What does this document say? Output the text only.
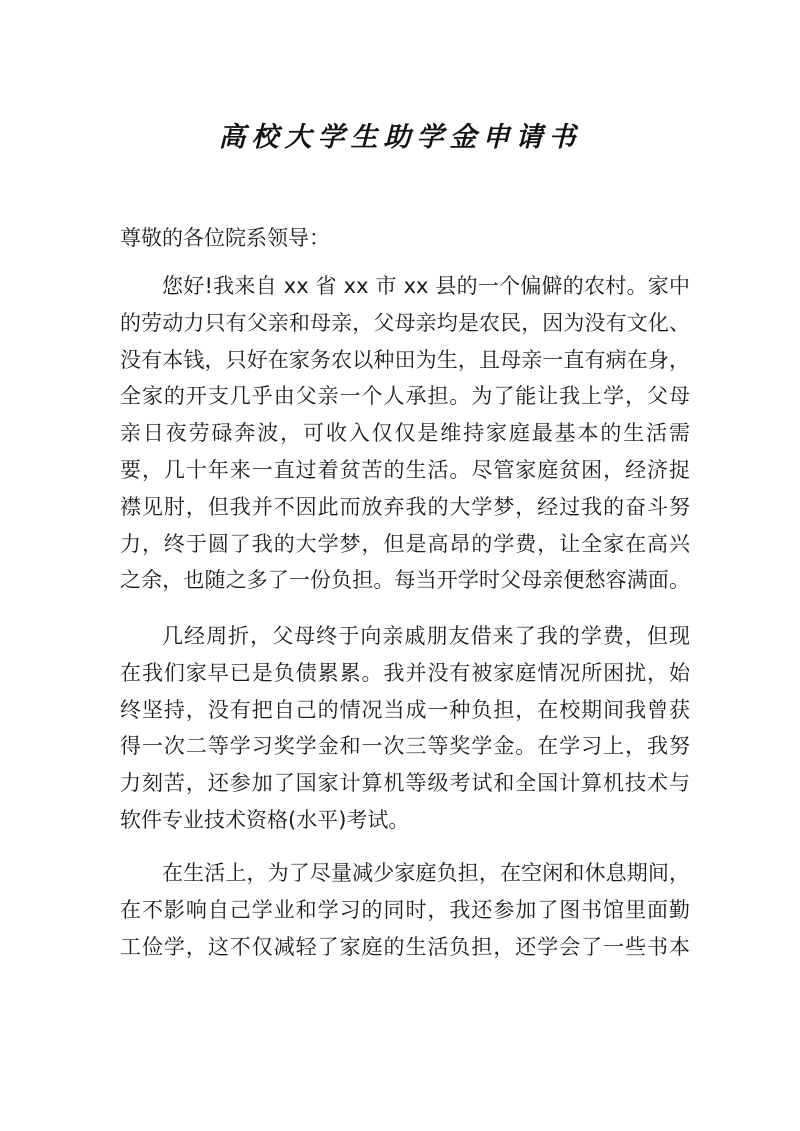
高校大学生助学金申请书
尊敬的各位院系领导：
您好!我来自 xx 省 xx 市 xx 县的一个偏僻的农村。家中
的劳动力只有父亲和母亲，父母亲均是农民，因为没有文化、
没有本钱，只好在家务农以种田为生，且母亲一直有病在身，
全家的开支几乎由父亲一个人承担。为了能让我上学，父母
亲日夜劳碌奔波，可收入仅仅是维持家庭最基本的生活需
要，几十年来一直过着贫苦的生活。尽管家庭贫困，经济捉
襟见肘，但我并不因此而放弃我的大学梦，经过我的奋斗努
力，终于圆了我的大学梦，但是高昂的学费，让全家在高兴
之余，也随之多了一份负担。每当开学时父母亲便愁容满面。
几经周折，父母终于向亲戚朋友借来了我的学费，但现
在我们家早已是负债累累。我并没有被家庭情况所困扰，始
终坚持，没有把自己的情况当成一种负担，在校期间我曾获
得一次二等学习奖学金和一次三等奖学金。在学习上，我努
力刻苦，还参加了国家计算机等级考试和全国计算机技术与
软件专业技术资格(水平)考试。
在生活上，为了尽量减少家庭负担，在空闲和休息期间，
在不影响自己学业和学习的同时，我还参加了图书馆里面勤
工俭学，这不仅减轻了家庭的生活负担，还学会了一些书本
